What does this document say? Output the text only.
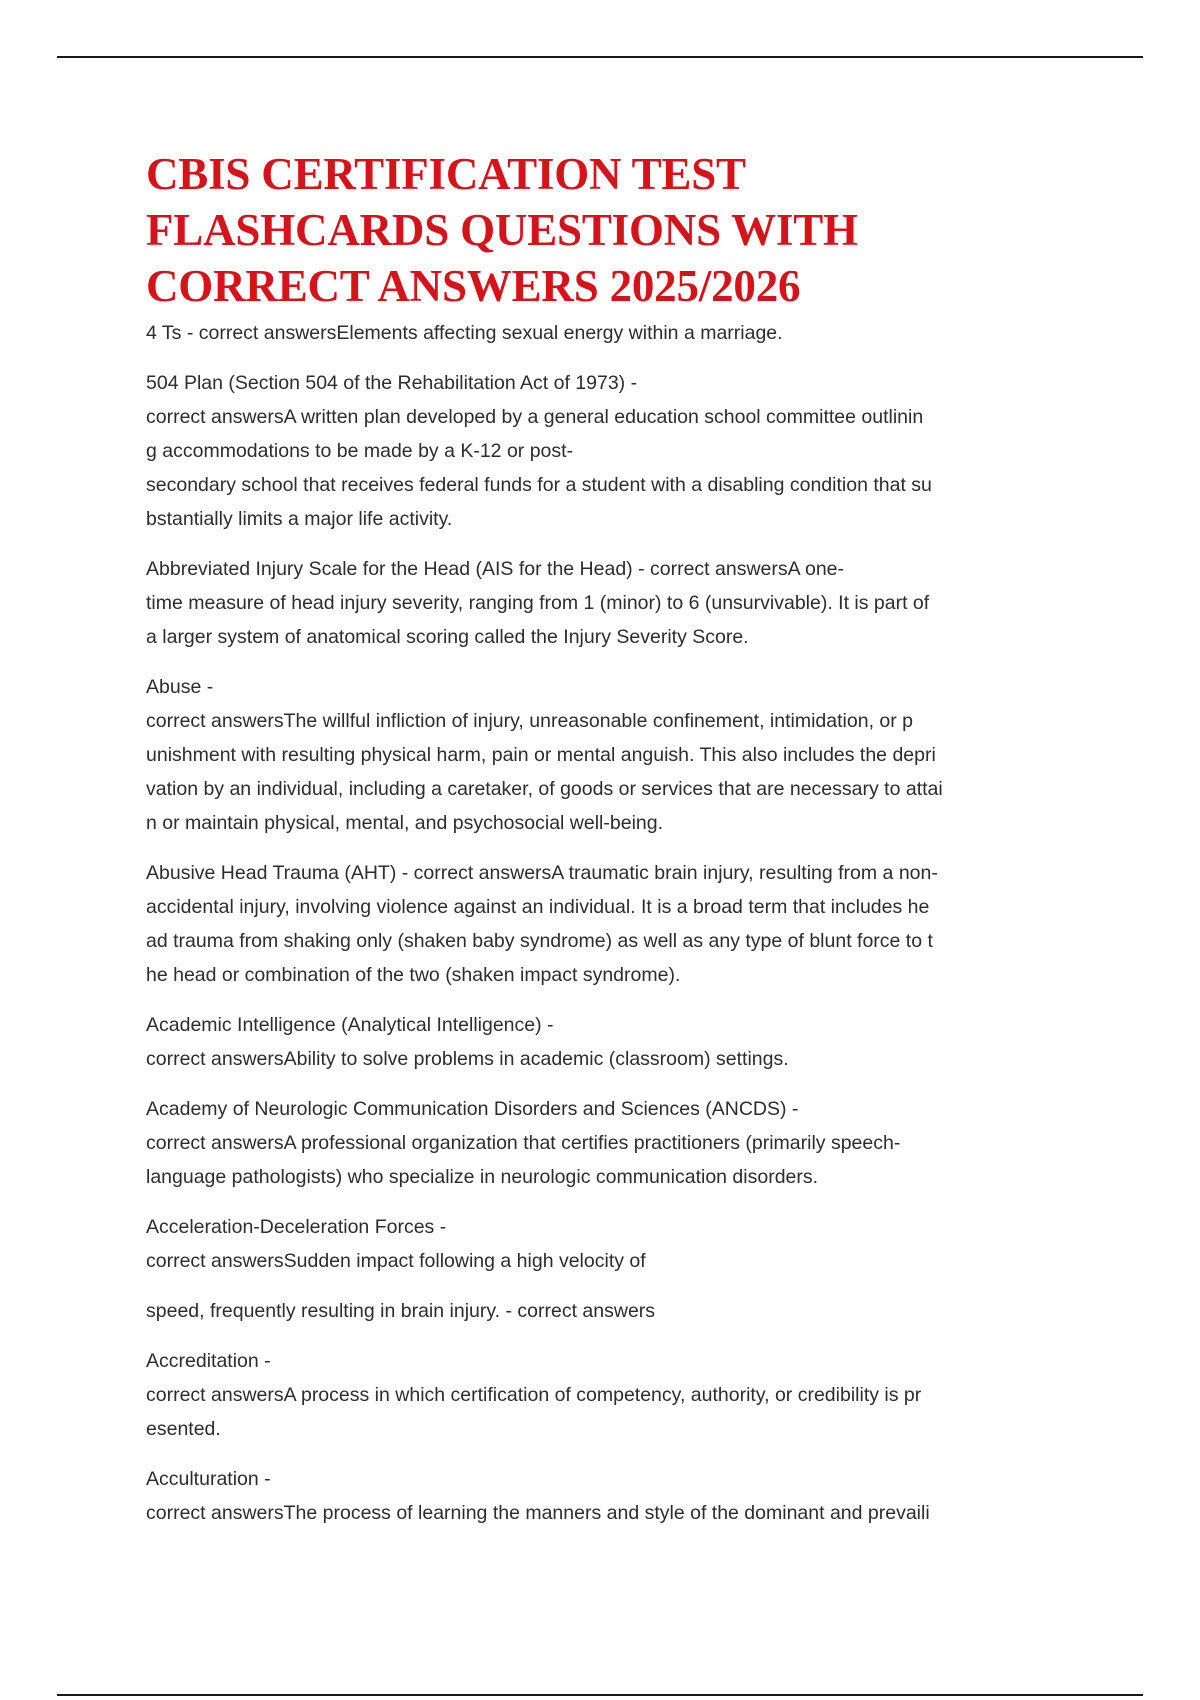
CBIS CERTIFICATION TEST
FLASHCARDS QUESTIONS WITH
CORRECT ANSWERS 2025/2026
4 Ts - correct answersElements affecting sexual energy within a marriage.
504 Plan (Section 504 of the Rehabilitation Act of 1973) -
correct answersA written plan developed by a general education school committee outlinin
g accommodations to be made by a K-12 or post-
secondary school that receives federal funds for a student with a disabling condition that su
bstantially limits a major life activity.
Abbreviated Injury Scale for the Head (AIS for the Head) - correct answersA one-
time measure of head injury severity, ranging from 1 (minor) to 6 (unsurvivable). It is part of
a larger system of anatomical scoring called the Injury Severity Score.
Abuse -
correct answersThe willful infliction of injury, unreasonable confinement, intimidation, or p
unishment with resulting physical harm, pain or mental anguish. This also includes the depri
vation by an individual, including a caretaker, of goods or services that are necessary to attai
n or maintain physical, mental, and psychosocial well-being.
Abusive Head Trauma (AHT) - correct answersA traumatic brain injury, resulting from a non-
accidental injury, involving violence against an individual. It is a broad term that includes he
ad trauma from shaking only (shaken baby syndrome) as well as any type of blunt force to t
he head or combination of the two (shaken impact syndrome).
Academic Intelligence (Analytical Intelligence) -
correct answersAbility to solve problems in academic (classroom) settings.
Academy of Neurologic Communication Disorders and Sciences (ANCDS) -
correct answersA professional organization that certifies practitioners (primarily speech-
language pathologists) who specialize in neurologic communication disorders.
Acceleration-Deceleration Forces -
correct answersSudden impact following a high velocity of
speed, frequently resulting in brain injury. - correct answers
Accreditation -
correct answersA process in which certification of competency, authority, or credibility is pr
esented.
Acculturation -
correct answersThe process of learning the manners and style of the dominant and prevaili
